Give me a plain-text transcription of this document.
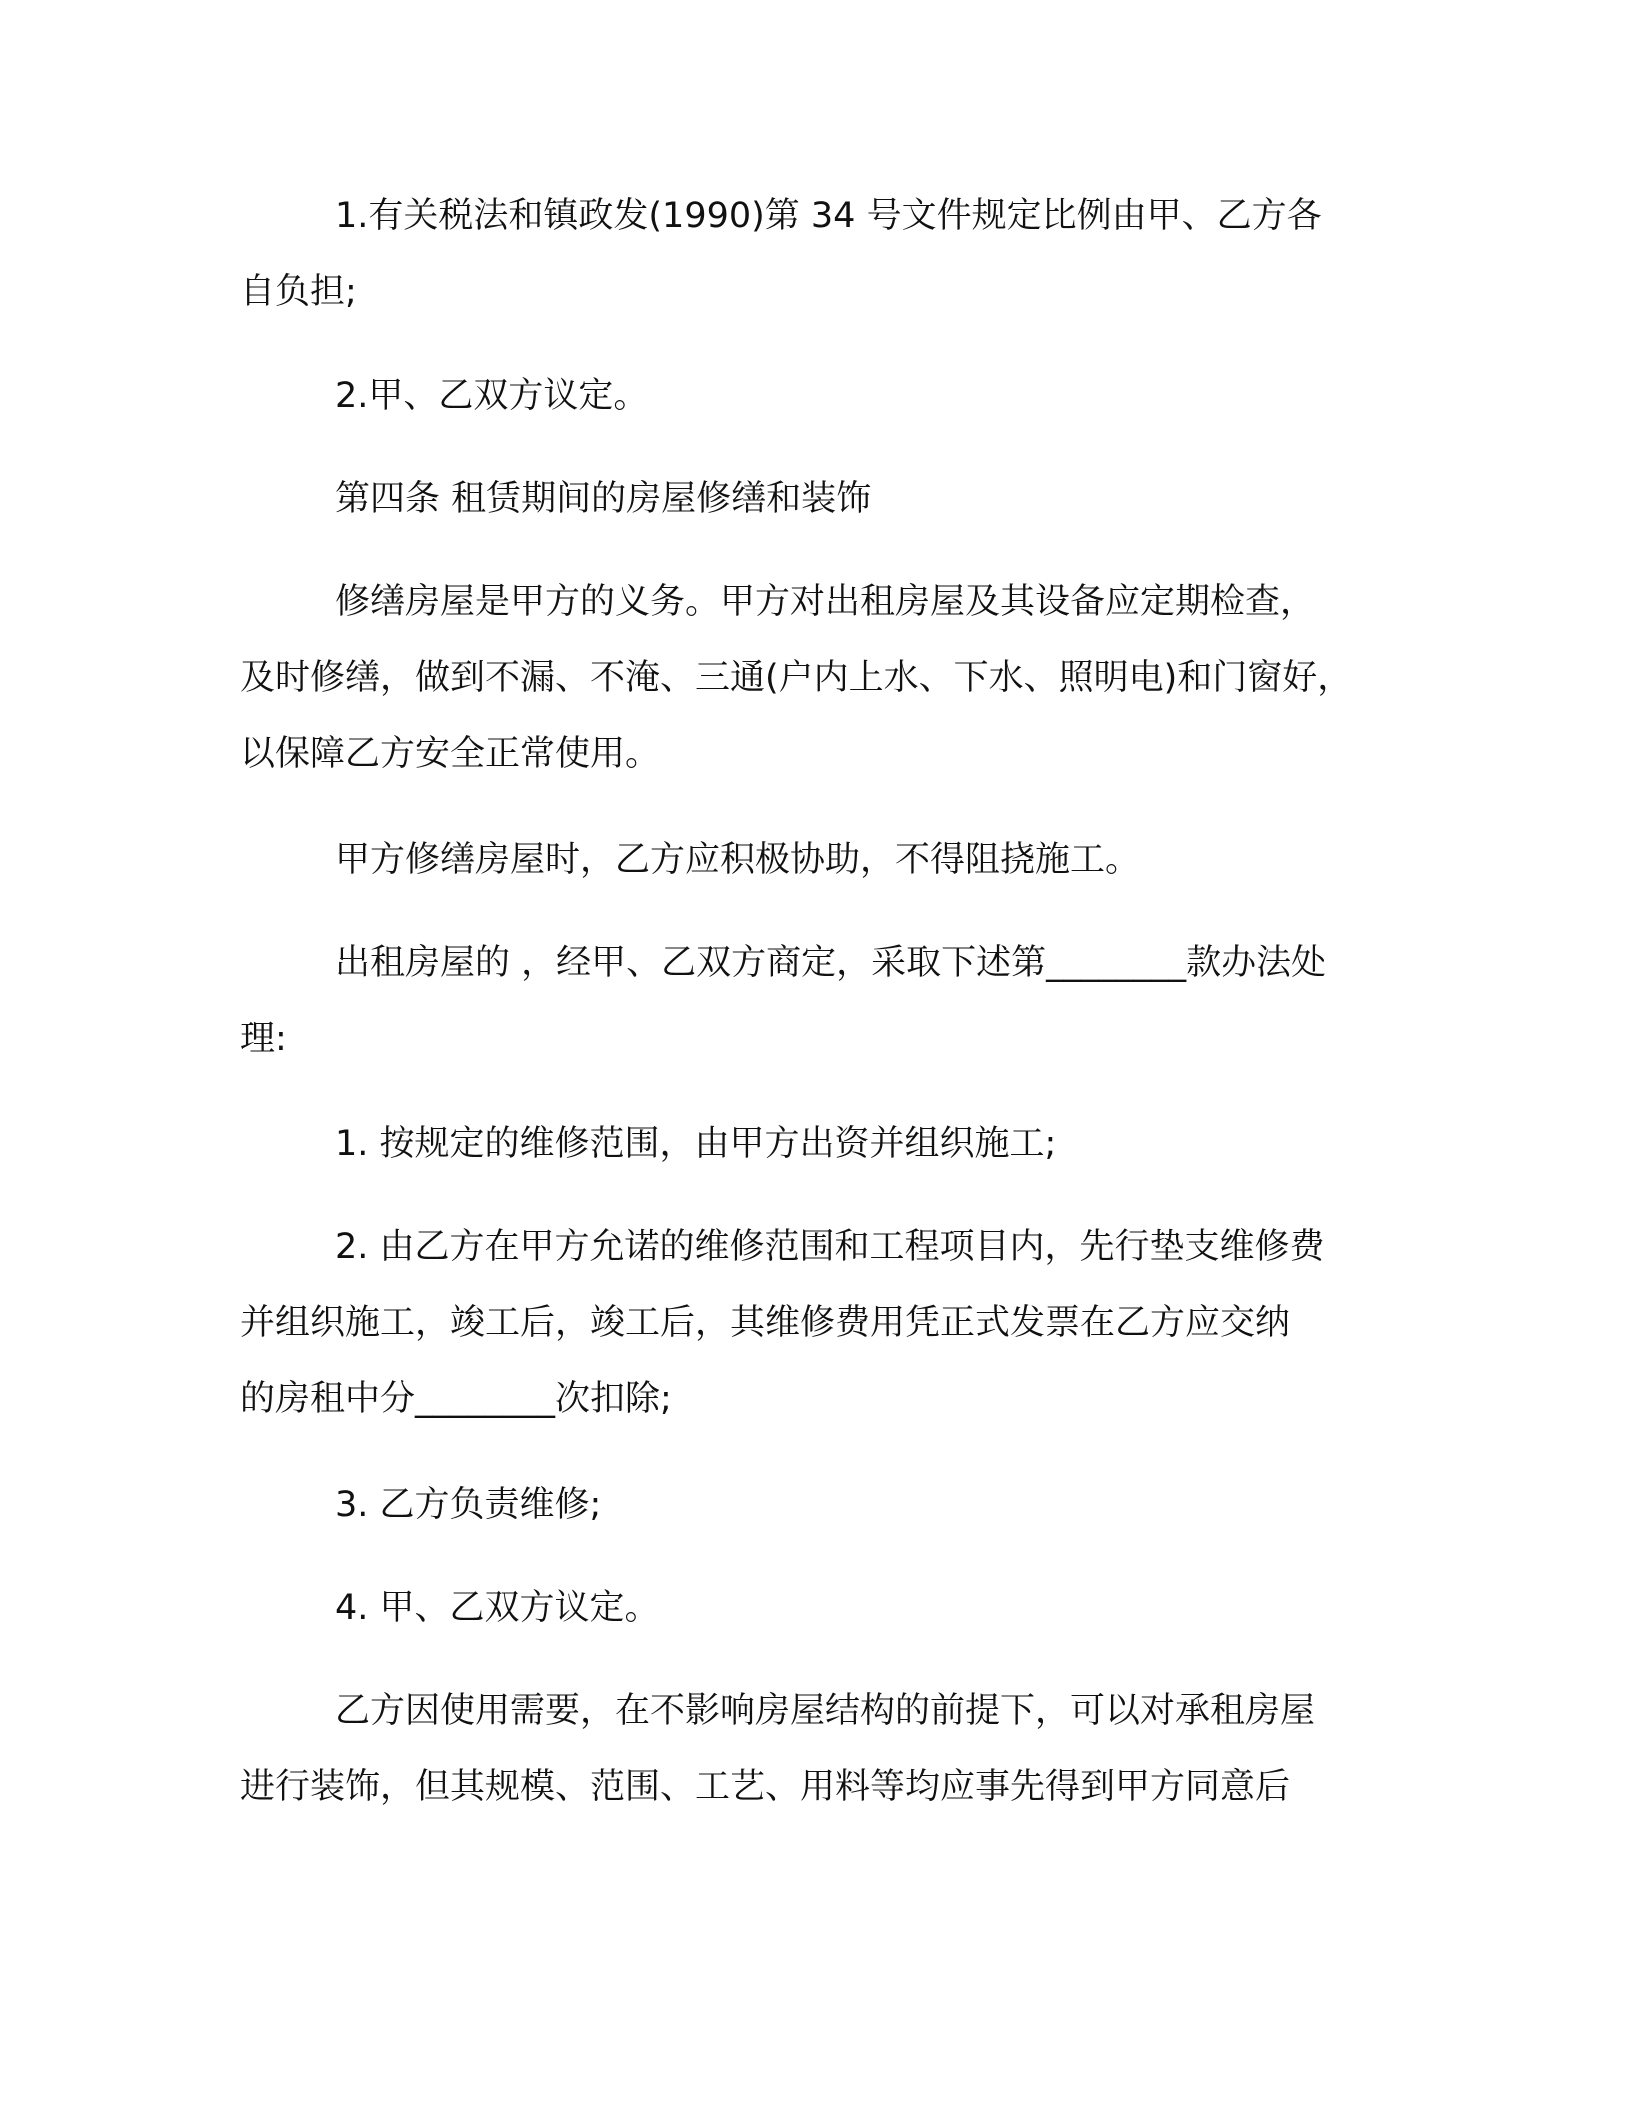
1.有关税法和镇政发(1990)第 34 号文件规定比例由甲、乙方各
自负担;

2.甲、乙双方议定。

第四条 租赁期间的房屋修缮和装饰

修缮房屋是甲方的义务。甲方对出租房屋及其设备应定期检查，
及时修缮，做到不漏、不淹、三通(户内上水、下水、照明电)和门窗好，
以保障乙方安全正常使用。

甲方修缮房屋时，乙方应积极协助，不得阻挠施工。

出租房屋的 ，经甲、乙双方商定，采取下述第________款办法处
理:

1. 按规定的维修范围，由甲方出资并组织施工;

2. 由乙方在甲方允诺的维修范围和工程项目内，先行垫支维修费
并组织施工，竣工后，竣工后，其维修费用凭正式发票在乙方应交纳
的房租中分________次扣除;

3. 乙方负责维修;

4. 甲、乙双方议定。

乙方因使用需要，在不影响房屋结构的前提下，可以对承租房屋
进行装饰，但其规模、范围、工艺、用料等均应事先得到甲方同意后
